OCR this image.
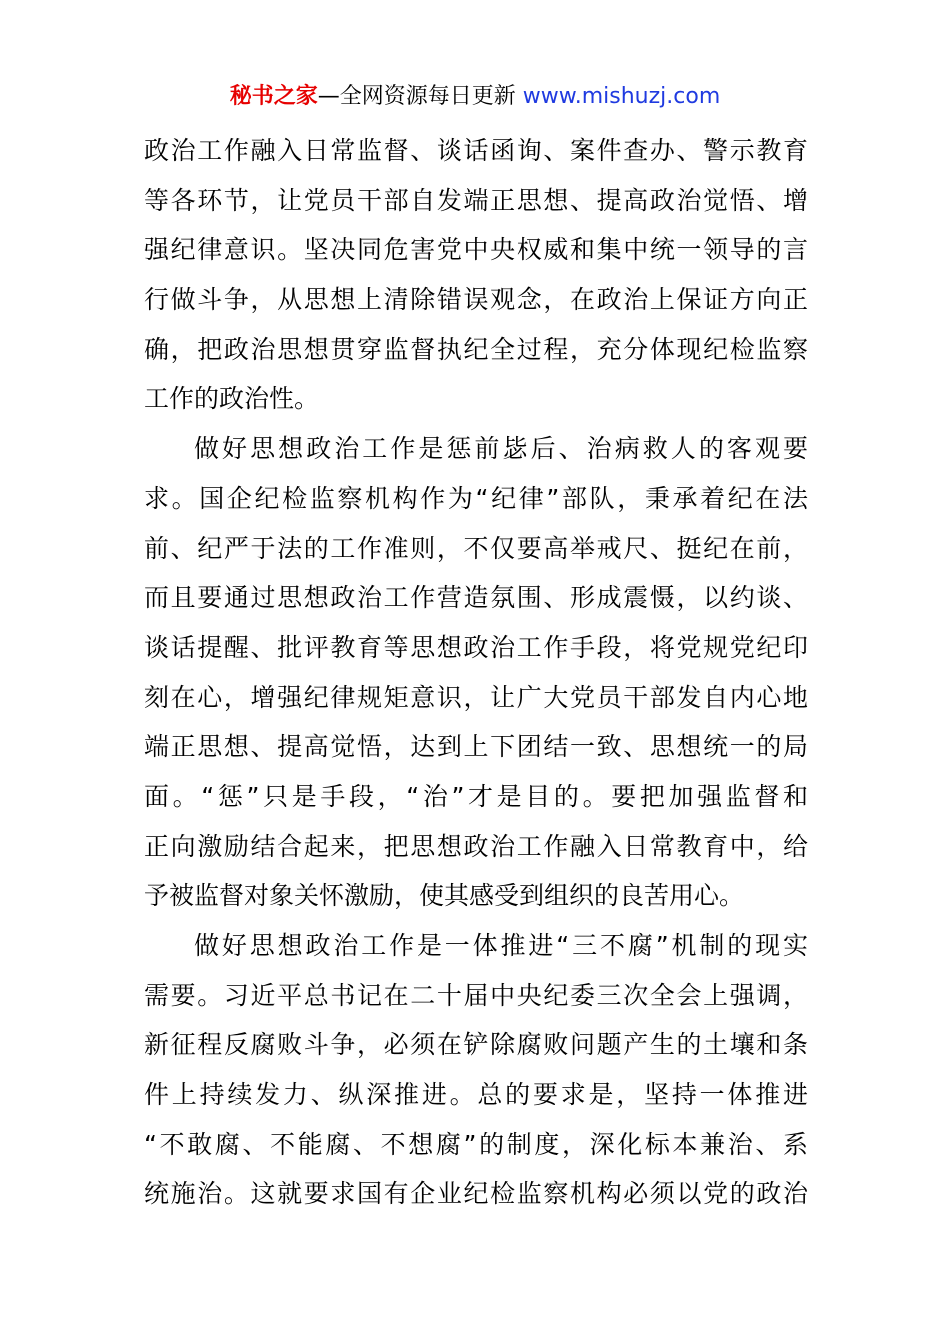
秘书之家—全网资源每日更新 www.mishuzj.com
政治工作融入日常监督、谈话函询、案件查办、警示教育
等各环节，让党员干部自发端正思想、提高政治觉悟、增
强纪律意识。坚决同危害党中央权威和集中统一领导的言
行做斗争，从思想上清除错误观念，在政治上保证方向正
确，把政治思想贯穿监督执纪全过程，充分体现纪检监察
工作的政治性。
做好思想政治工作是惩前毖后、治病救人的客观要
求。国企纪检监察机构作为“纪律”部队，秉承着纪在法
前、纪严于法的工作准则，不仅要高举戒尺、挺纪在前，
而且要通过思想政治工作营造氛围、形成震慑，以约谈、
谈话提醒、批评教育等思想政治工作手段，将党规党纪印
刻在心，增强纪律规矩意识，让广大党员干部发自内心地
端正思想、提高觉悟，达到上下团结一致、思想统一的局
面。“惩”只是手段，“治”才是目的。要把加强监督和
正向激励结合起来，把思想政治工作融入日常教育中，给
予被监督对象关怀激励，使其感受到组织的良苦用心。
做好思想政治工作是一体推进“三不腐”机制的现实
需要。习近平总书记在二十届中央纪委三次全会上强调，
新征程反腐败斗争，必须在铲除腐败问题产生的土壤和条
件上持续发力、纵深推进。总的要求是，坚持一体推进
“不敢腐、不能腐、不想腐”的制度，深化标本兼治、系
统施治。这就要求国有企业纪检监察机构必须以党的政治
